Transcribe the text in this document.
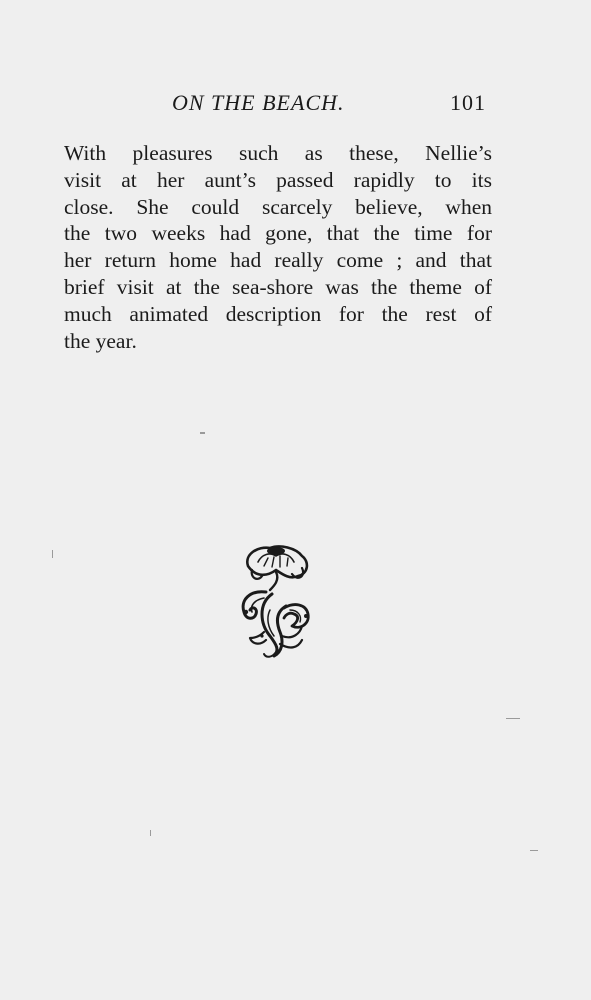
ON THE BEACH.	101

With pleasures such as these, Nellie’s
visit at her aunt’s passed rapidly to its
close. She could scarcely believe, when
the two weeks had gone, that the time for
her return home had really come ; and that
brief visit at the sea-shore was the theme of
much animated description for the rest of
the year.
